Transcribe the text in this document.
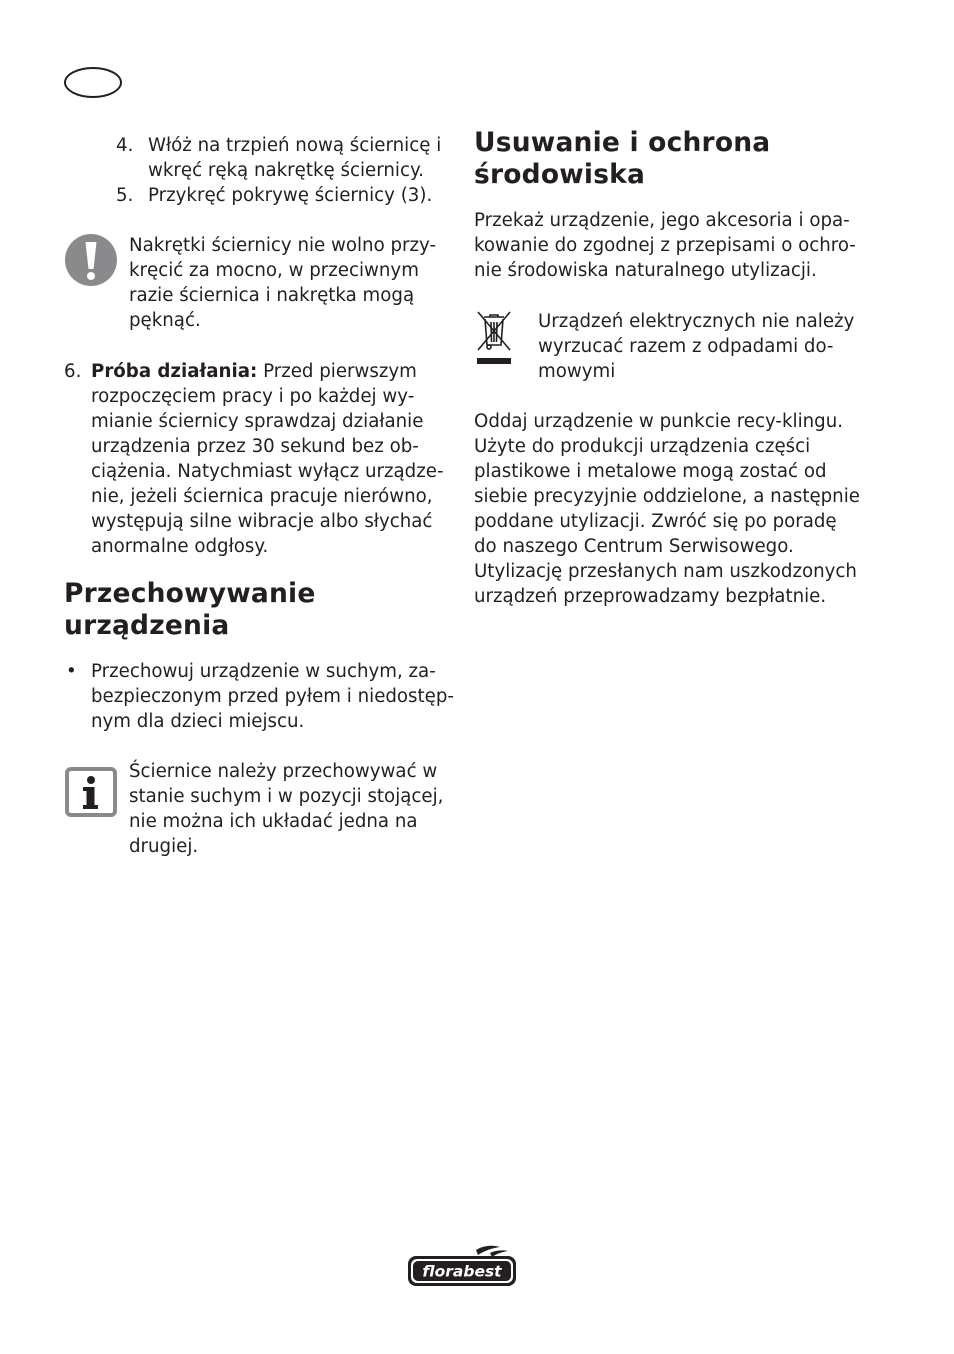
4. Włóż na trzpień nową ściernicę i
wkręć ręką nakrętkę ściernicy.

5. Przykręć pokrywę ściernicy (3).

Nakrętki ściernicy nie wolno przy-
kręcić za mocno, w przeciwnym
razie ściernica i nakrętka mogą
pęknąć.

6. Próba działania: Przed pierwszym
rozpoczęciem pracy i po każdej wy-
mianie ściernicy sprawdzaj działanie
urządzenia przez 30 sekund bez ob-
ciążenia. Natychmiast wyłącz urządze-
nie, jeżeli ściernica pracuje nierówno,
występują silne wibracje albo słychać
anormalne odgłosy.

Przechowywanie
urządzenia
• Przechowuj urządzenie w suchym, za-
bezpieczonym przed pyłem i niedostęp-
nym dla dzieci miejscu.

Ściernice należy przechowywać w
stanie suchym i w pozycji stojącej,
nie można ich układać jedna na
drugiej.

Usuwanie i ochrona
środowiska

Przekaż urządzenie, jego akcesoria i opa-
kowanie do zgodnej z przepisami o ochro-
nie środowiska naturalnego utylizacji.

Urządzeń elektrycznych nie należy
wyrzucać razem z odpadami do-
mowymi

Oddaj urządzenie w punkcie recy-klingu.
Użyte do produkcji urządzenia części
plastikowe i metalowe mogą zostać od
siebie precyzyjnie oddzielone, a następnie
poddane utylizacji. Zwróć się po poradę
do naszego Centrum Serwisowego.
Utylizację przesłanych nam uszkodzonych
urządzeń przeprowadzamy bezpłatnie.

florabest
